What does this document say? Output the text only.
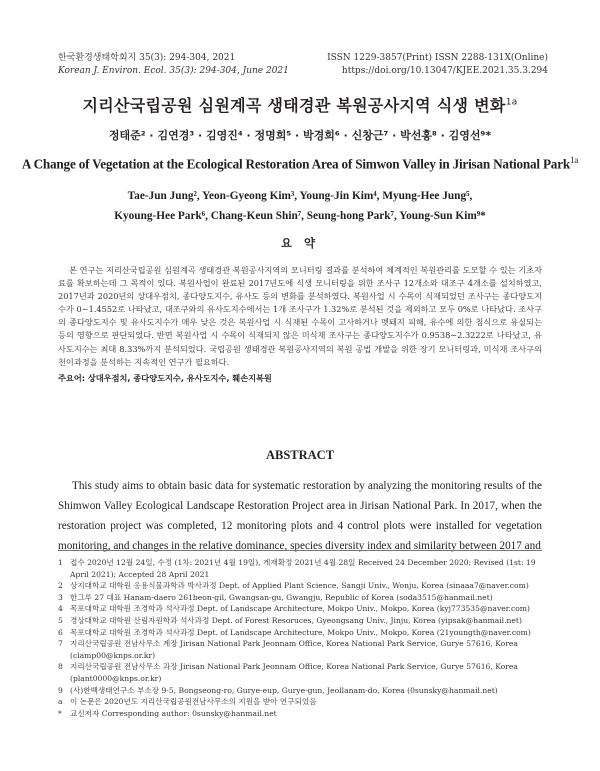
한국환경생태학회지 35(3): 294-304, 2021
Korean J. Environ. Ecol. 35(3): 294-304, June 2021
ISSN 1229-3857(Print) ISSN 2288-131X(Online)
https://doi.org/10.13047/KJEE.2021.35.3.294
지리산국립공원 심원계곡 생태경관 복원공사지역 식생 변화$^{1a}$
정태준² · 김연경³ · 김영진⁴ · 정명희⁵ · 박경희⁶ · 신창근⁷ · 박선홍⁸ · 김영선⁹*
A Change of Vegetation at the Ecological Restoration Area of Simwon Valley in Jirisan National Park$^{1a}$
Tae-Jun Jung², Yeon-Gyeong Kim³, Young-Jin Kim⁴, Myung-Hee Jung⁵,
Kyoung-Hee Park⁶, Chang-Keun Shin⁷, Seung-hong Park⁷, Young-Sun Kim⁹*
요 약
본 연구는 지리산국립공원 심원계곡 생태경관 복원공사지역의 모니터링 결과를 분석하여 체계적인 복원관리를 도모할 수 있는 기초자료를 확보하는데 그 목적이 있다. 복원사업이 완료된 2017년도에 식생 모니터링을 위한 조사구 12개소와 대조구 4개소를 설치하였고, 2017년과 2020년의 상대우점치, 종다양도지수, 유사도 등의 변화를 분석하였다. 복원사업 시 수목이 식재되었던 조사구는 종다양도지수가 0∼1.4552로 나타났고, 대조구와의 유사도지수에서는 1개 조사구가 1.32%로 분석된 것을 제외하고 모두 0%로 나타났다. 조사구의 종다양도지수 및 유사도지수가 매우 낮은 것은 복원사업 시 식재된 수목이 고사하거나 멧돼지 피해, 유수에 의한 침식으로 유실되는 등의 영향으로 판단되었다. 반면 복원사업 시 수목이 식재되지 않은 미식재 조사구는 종다양도지수가 0.9538∼2.3222로 나타났고, 유사도지수는 최대 8.33%까지 분석되었다. 국립공원 생태경관 복원공사지역의 복원 공법 개발을 위한 장기 모니터링과, 미식재 조사구의 천이과정을 분석하는 지속적인 연구가 필요하다.
주요어: 상대우점치, 종다양도지수, 유사도지수, 훼손지복원
ABSTRACT
This study aims to obtain basic data for systematic restoration by analyzing the monitoring results of the Shimwon Valley Ecological Landscape Restoration Project area in Jirisan National Park. In 2017, when the restoration project was completed, 12 monitoring plots and 4 control plots were installed for vegetation monitoring, and changes in the relative dominance, species diversity index and similarity between 2017 and
1 접수 2020년 12월 24일, 수정 (1차: 2021년 4월 19일), 게재확정 2021년 4월 28일 Received 24 December 2020; Revised (1st: 19 April 2021); Accepted 28 April 2021
2 상지대학교 대학원 응용식물과학과 박사과정 Dept. of Applied Plant Science, Sangji Univ., Wonju, Korea (sinaaa7@naver.com)
3 한그루 27 대표 Hanam-daero 261beon-gil, Gwangsan-gu, Gwangju, Republic of Korea (soda3515@hanmail.net)
4 목포대학교 대학원 조경학과 석사과정 Dept. of Landscape Architecture, Mokpo Univ., Mokpo, Korea (kyj773535@naver.com)
5 경상대학교 대학원 산림자원학과 석사과정 Dept. of Forest Resoruces, Gyeongsang Univ., Jinju, Korea (yipsak@hanmail.net)
6 목포대학교 대학원 조경학과 석사과정 Dept. of Landscape Architecture, Mokpo Univ., Mokpo, Korea (21youngth@naver.com)
7 지리산국립공원 전남사무소 계장 Jirisan National Park Jeonnam Office, Korea National Park Service, Gurye 57616, Korea (clamp00@knps.or.kr)
8 지리산국립공원 전남사무소 과장 Jirisan National Park Jeonnam Office, Korea National Park Service, Gurye 57616, Korea (plant0000@knps.or.kr)
9 (사)한백생태연구소 부소장 9-5, Bongseong-ro, Gurye-eup, Gurye-gun, Jeollanam-do, Korea (0sunsky@hanmail.net)
a 이 논문은 2020년도 지리산국립공원전남사무소의 지원을 받아 연구되었음
* 교신저자 Corresponding author: 0sunsky@hanmail.net
